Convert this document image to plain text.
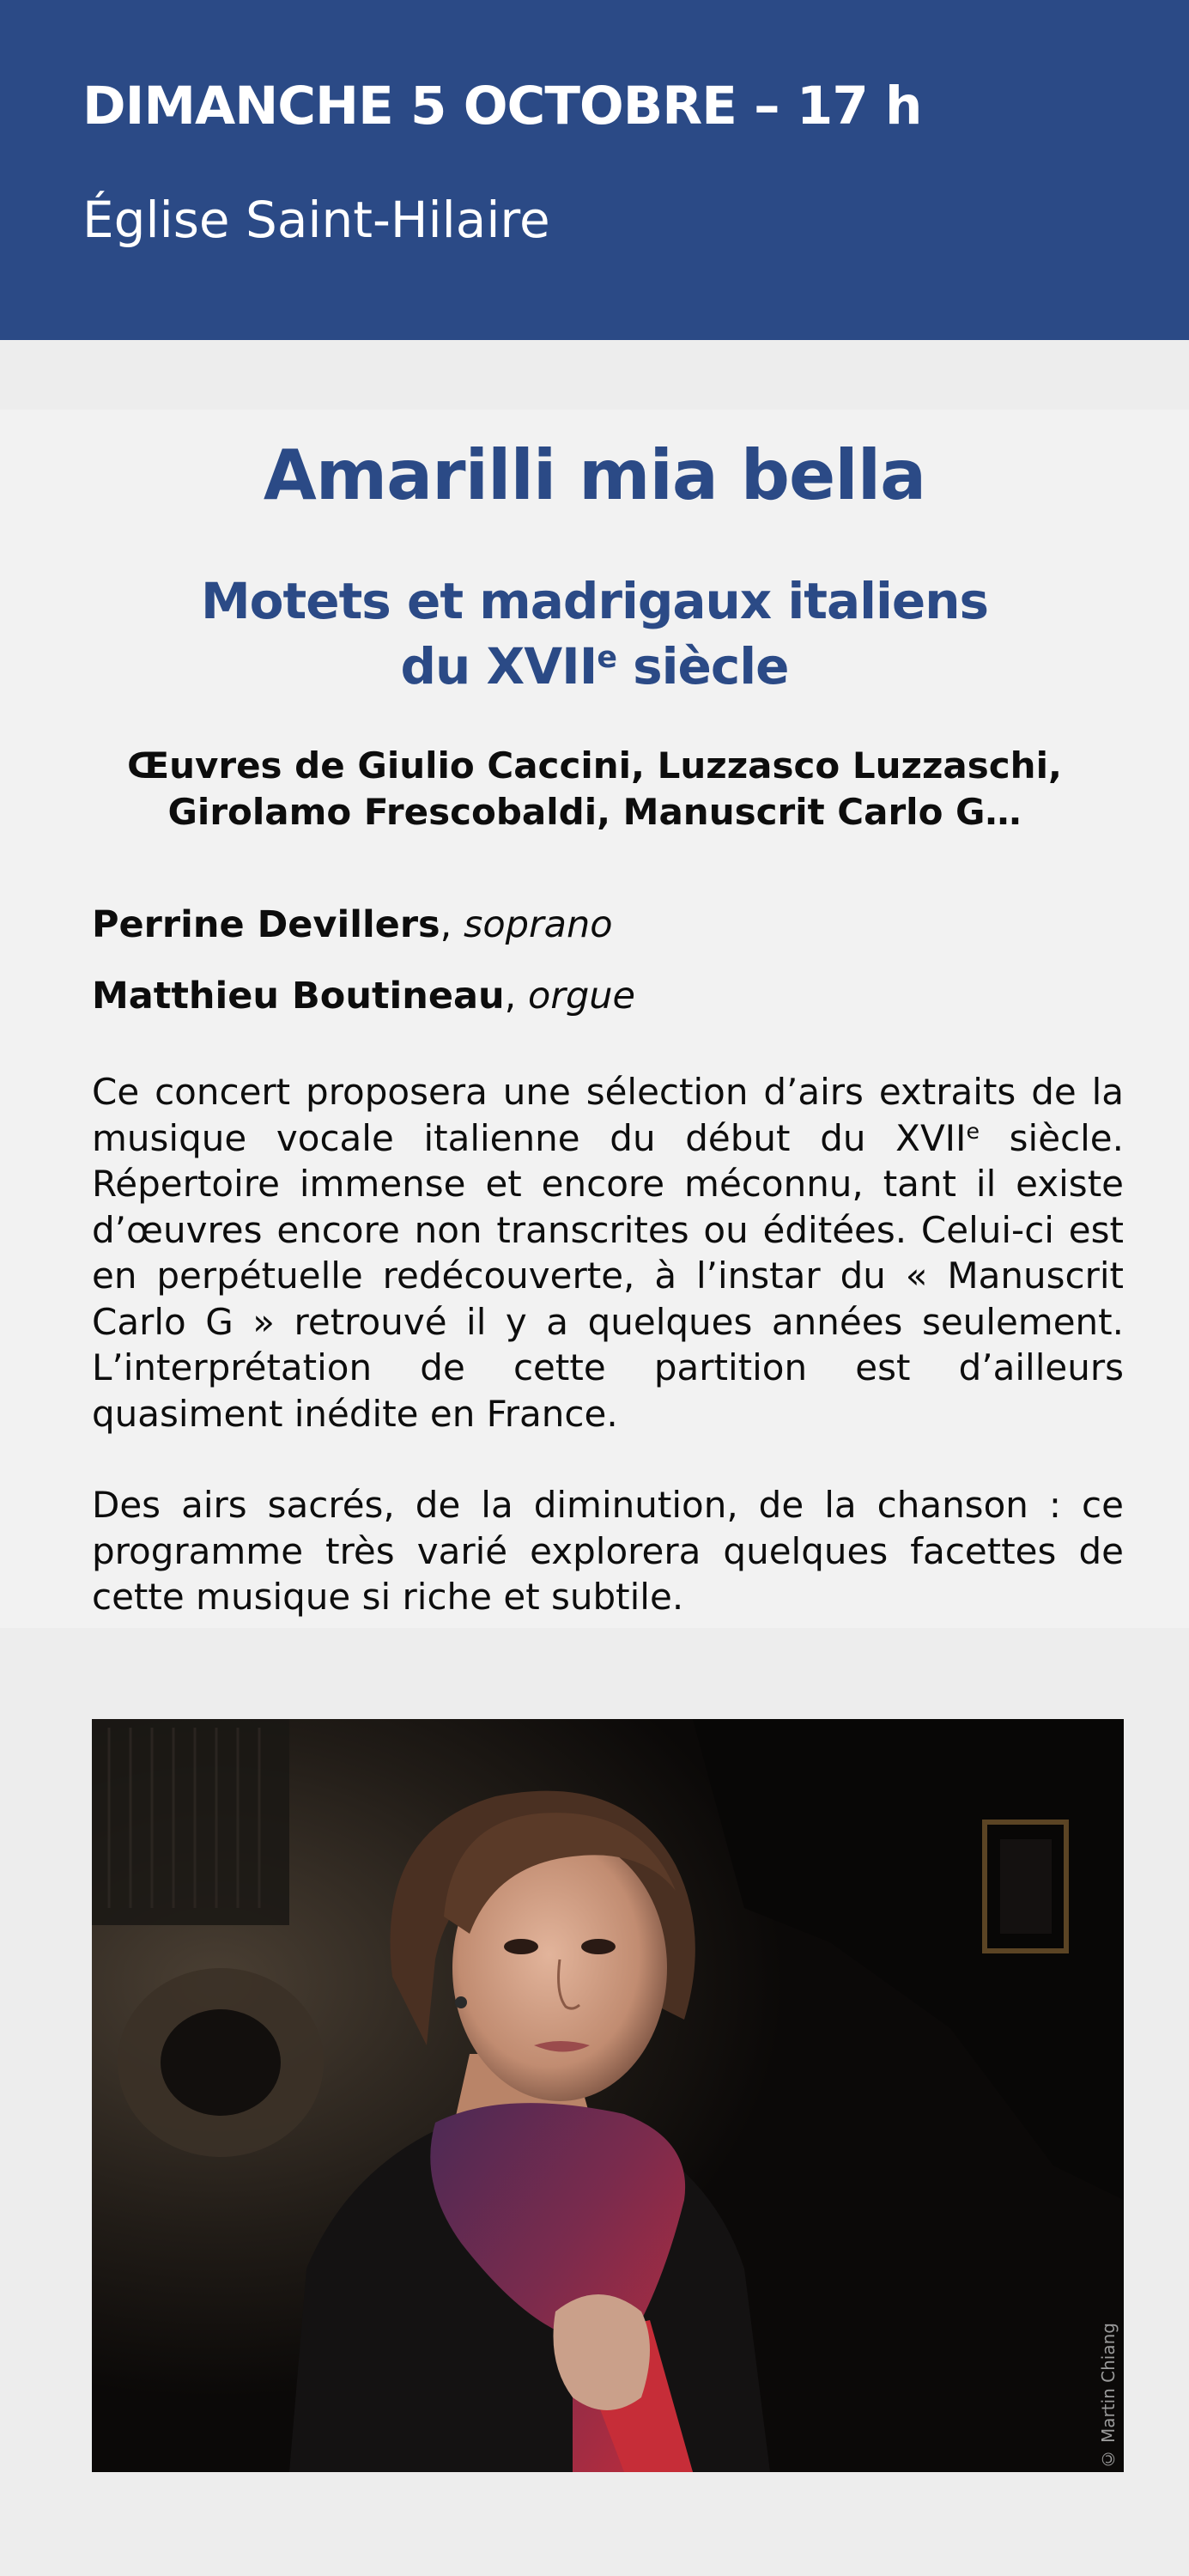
DIMANCHE 5 OCTOBRE – 17 h
Église Saint-Hilaire
Amarilli mia bella
Motets et madrigaux italiens
du XVIIe siècle
Œuvres de Giulio Caccini, Luzzasco Luzzaschi,
Girolamo Frescobaldi, Manuscrit Carlo G…
Perrine Devillers, soprano
Matthieu Boutineau, orgue
Ce concert proposera une sélection d’airs extraits de la musique vocale italienne du début du XVIIe siècle. Répertoire immense et encore méconnu, tant il existe d’œuvres encore non transcrites ou éditées. Celui-ci est en perpétuelle redécouverte, à l’instar du « Manuscrit Carlo G » retrouvé il y a quelques années seulement. L’interprétation de cette partition est d’ailleurs quasiment inédite en France.
Des airs sacrés, de la diminution, de la chanson : ce programme très varié explorera quelques facettes de cette musique si riche et subtile.
© Martin Chiang
